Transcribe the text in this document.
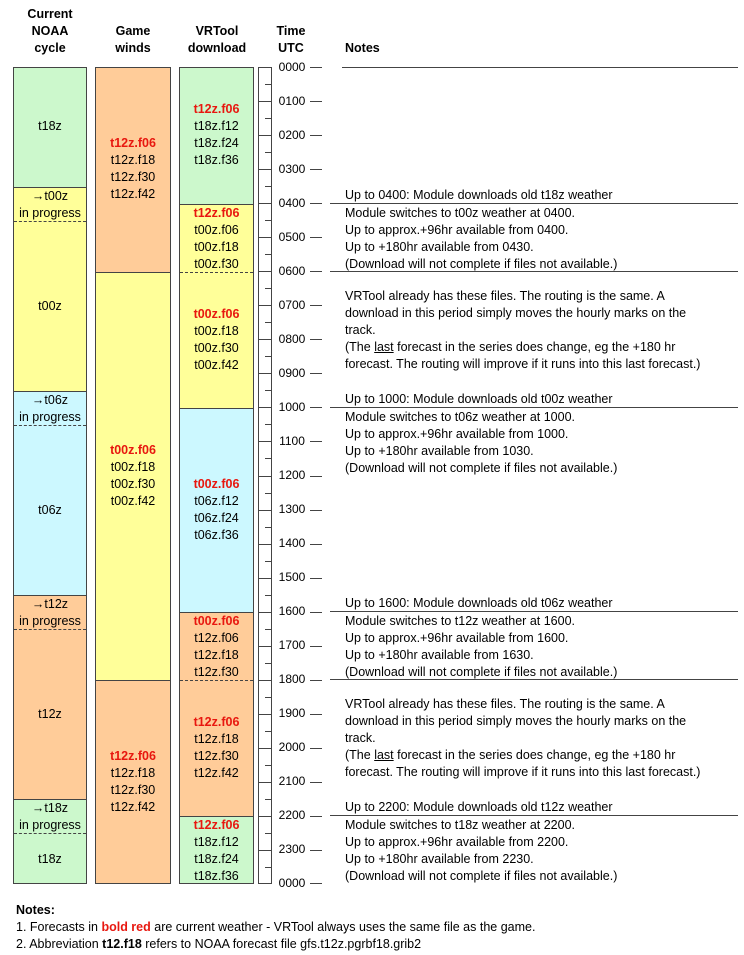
Current
NOAA
cycle
Game
winds
VRTool
download
Time
UTC	Notes
t18z
→t00z
in progress
t00z
→t06z
in progress
t06z
→t12z
in progress
t12z
→t18z
in progress
t18z
t12z.f06
t12z.f18
t12z.f30
t12z.f42
t00z.f06
t00z.f18
t00z.f30
t00z.f42
t12z.f06
t12z.f18
t12z.f30
t12z.f42
t12z.f06
t18z.f12
t18z.f24
t18z.f36
t12z.f06
t00z.f06
t00z.f18
t00z.f30
t00z.f06
t00z.f18
t00z.f30
t00z.f42
t00z.f06
t06z.f12
t06z.f24
t06z.f36
t00z.f06
t12z.f06
t12z.f18
t12z.f30
t12z.f06
t12z.f18
t12z.f30
t12z.f42
t12z.f06
t18z.f12
t18z.f24
t18z.f36
0000
0100
0200
0300
0400
0500
0600
0700
0800
0900
1000
1100
1200
1300
1400
1500
1600
1700
1800
1900
2000
2100
2200
2300
0000
Up to 0400: Module downloads old t18z weather
Module switches to t00z weather at 0400.
Up to approx.+96hr available from 0400.
Up to +180hr available from 0430.
(Download will not complete if files not available.)
VRTool already has these files. The routing is the same. A
download in this period simply moves the hourly marks on the
track.
(The last forecast in the series does change, eg the +180 hr
forecast. The routing will improve if it runs into this last forecast.)
Up to 1000: Module downloads old t00z weather
Module switches to t06z weather at 1000.
Up to approx.+96hr available from 1000.
Up to +180hr available from 1030.
(Download will not complete if files not available.)
Up to 1600: Module downloads old t06z weather
Module switches to t12z weather at 1600.
Up to approx.+96hr available from 1600.
Up to +180hr available from 1630.
(Download will not complete if files not available.)
VRTool already has these files. The routing is the same. A
download in this period simply moves the hourly marks on the
track.
(The last forecast in the series does change, eg the +180 hr
forecast. The routing will improve if it runs into this last forecast.)
Up to 2200: Module downloads old t12z weather
Module switches to t18z weather at 2200.
Up to approx.+96hr available from 2200.
Up to +180hr available from 2230.
(Download will not complete if files not available.)
Notes:
1. Forecasts in bold red are current weather - VRTool always uses the same file as the game.
2. Abbreviation t12.f18 refers to NOAA forecast file gfs.t12z.pgrbf18.grib2
